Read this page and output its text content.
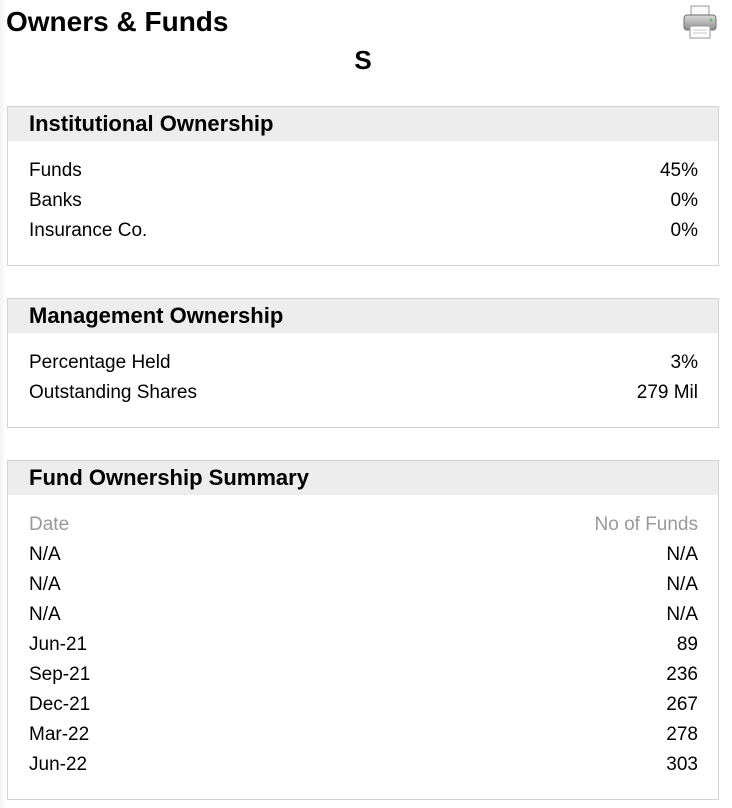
Owners & Funds
S
Institutional Ownership
Funds	45%
Banks	0%
Insurance Co.	0%
Management Ownership
Percentage Held	3%
Outstanding Shares	279 Mil
Fund Ownership Summary
Date	No of Funds
N/A	N/A
N/A	N/A
N/A	N/A
Jun-21	89
Sep-21	236
Dec-21	267
Mar-22	278
Jun-22	303
